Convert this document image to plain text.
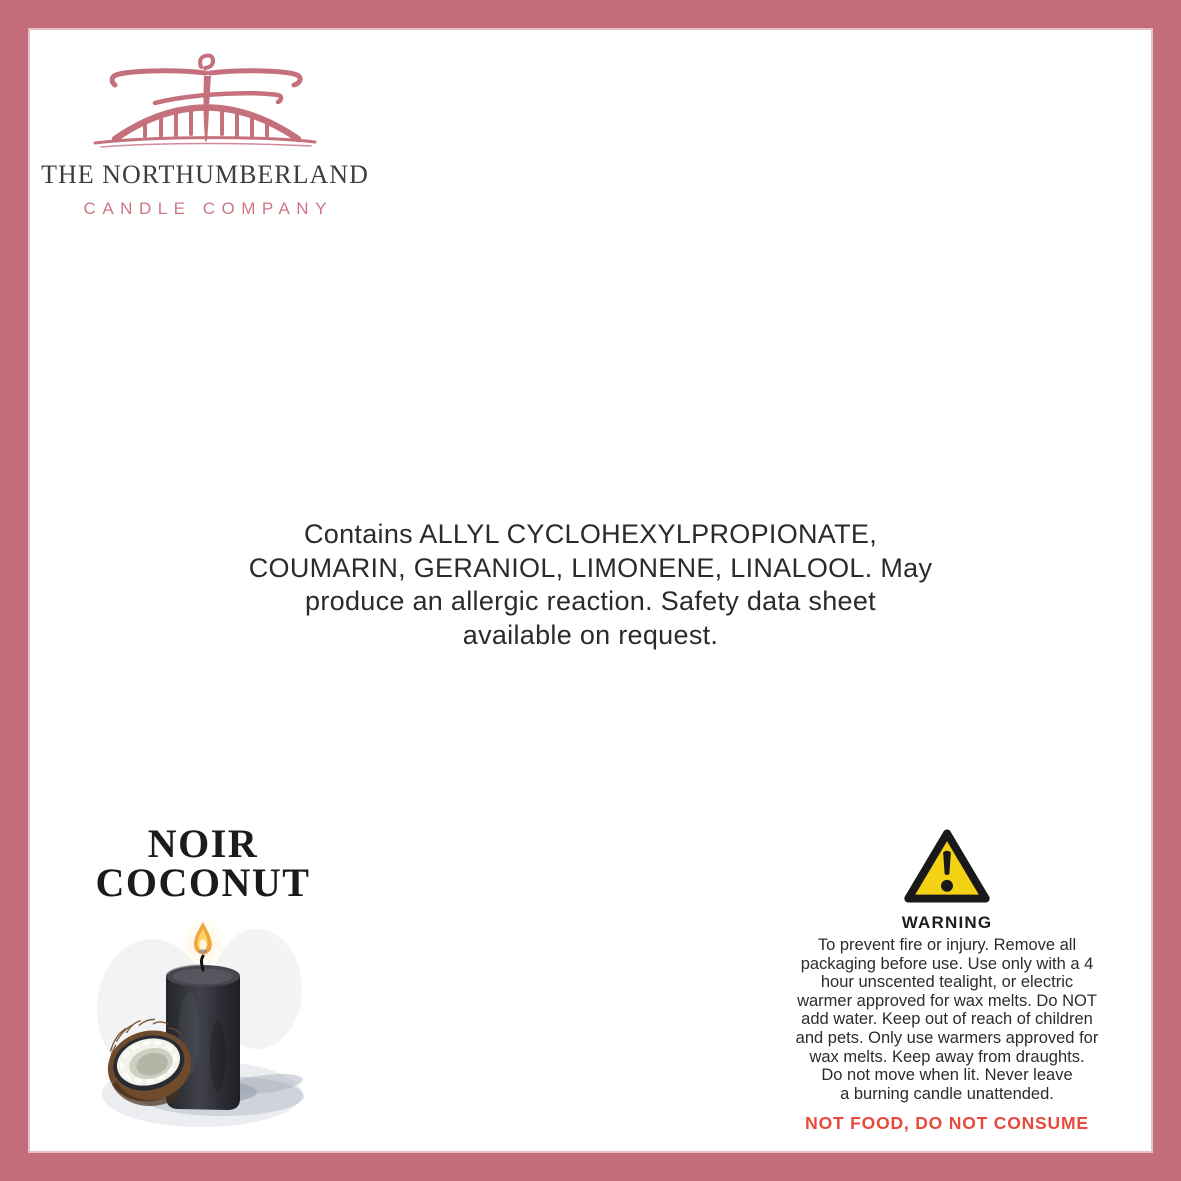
THE NORTHUMBERLAND
CANDLE COMPANY
Contains ALLYL CYCLOHEXYLPROPIONATE,
COUMARIN, GERANIOL, LIMONENE, LINALOOL. May
produce an allergic reaction. Safety data sheet
available on request.
NOIR
COCONUT
WARNING
To prevent fire or injury. Remove all
packaging before use. Use only with a 4
hour unscented tealight, or electric
warmer approved for wax melts. Do NOT
add water. Keep out of reach of children
and pets. Only use warmers approved for
wax melts. Keep away from draughts.
Do not move when lit. Never leave
a burning candle unattended.
NOT FOOD, DO NOT CONSUME
